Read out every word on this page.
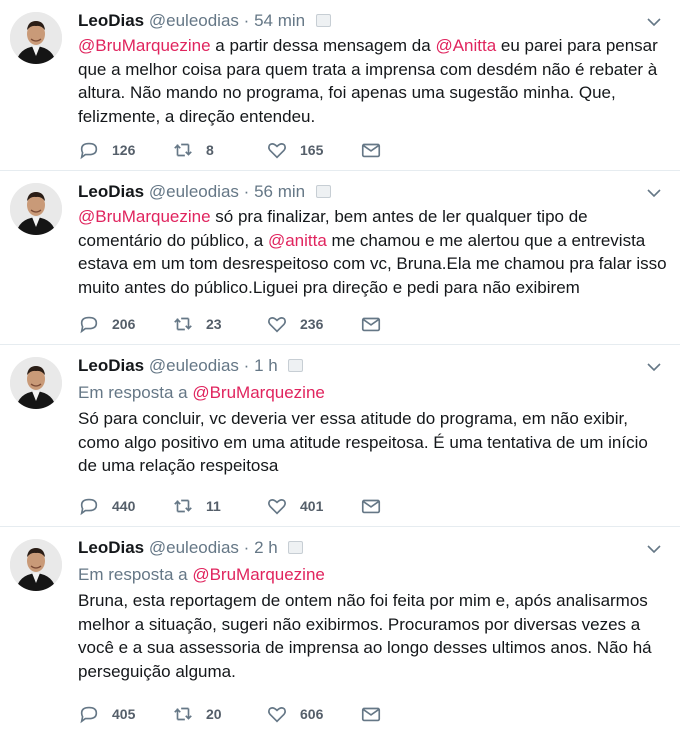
LeoDias @euleodias · 54 min
@BruMarquezine a partir dessa mensagem da @Anitta eu parei para pensar que a melhor coisa para quem trata a imprensa com desdém não é rebater à altura. Não mando no programa, foi apenas uma sugestão minha. Que, felizmente, a direção entendeu.
126	8	165
LeoDias @euleodias · 56 min
@BruMarquezine só pra finalizar, bem antes de ler qualquer tipo de comentário do público, a @anitta me chamou e me alertou que a entrevista estava em um tom desrespeitoso com vc, Bruna.Ela me chamou pra falar isso muito antes do público.Liguei pra direção e pedi para não exibirem
206	23	236
LeoDias @euleodias · 1 h
Em resposta a @BruMarquezine
Só para concluir, vc deveria ver essa atitude do programa, em não exibir, como algo positivo em uma atitude respeitosa. É uma tentativa de um início de uma relação respeitosa
440	11	401
LeoDias @euleodias · 2 h
Em resposta a @BruMarquezine
Bruna, esta reportagem de ontem não foi feita por mim e, após analisarmos melhor a situação, sugeri não exibirmos. Procuramos por diversas vezes a você e a sua assessoria de imprensa ao longo desses ultimos anos. Não há perseguição alguma.
405	20	606
